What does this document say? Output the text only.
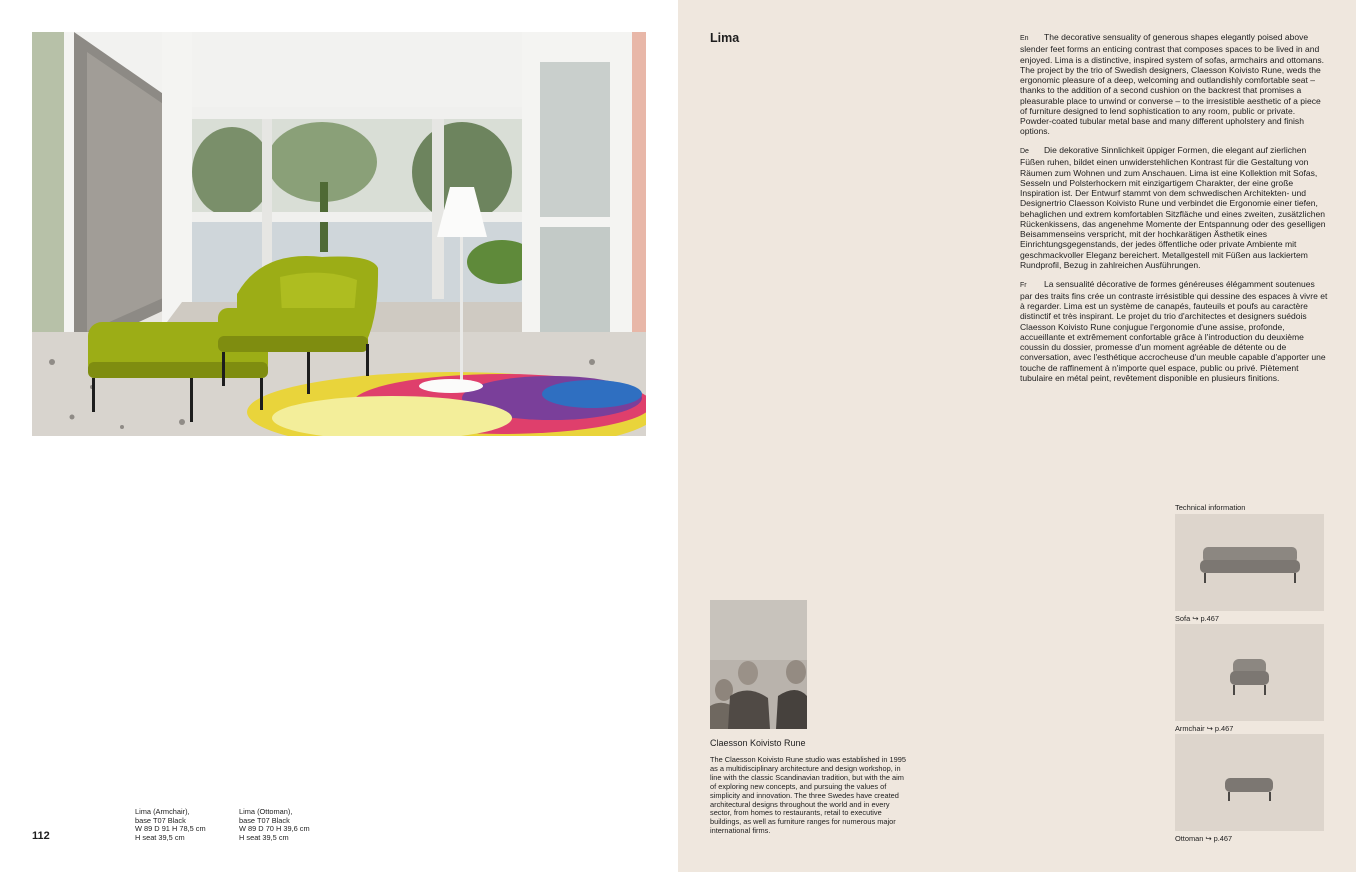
Lima (Armchair),
base T07 Black
W 89 D 91 H 78,5 cm
H seat 39,5 cm
Lima (Ottoman),
base T07 Black
W 89 D 70 H 39,6 cm
H seat 39,5 cm
112
Lima	En The decorative sensuality of generous shapes elegantly poised above slender feet forms an enticing contrast that composes spaces to be lived in and enjoyed. Lima is a distinctive, inspired system of sofas, armchairs and ottomans. The project by the trio of Swedish designers, Claesson Koivisto Rune, weds the ergonomic pleasure of a deep, welcoming and outlandishly comfortable seat – thanks to the addition of a second cushion on the backrest that promises a pleasurable place to unwind or converse – to the irresistible aesthetic of a piece of furniture designed to lend sophistication to any room, public or private. Powder-coated tubular metal base and many different upholstery and finish options.

De Die dekorative Sinnlichkeit üppiger Formen, die elegant auf zierlichen Füßen ruhen, bildet einen unwiderstehlichen Kontrast für die Gestaltung von Räumen zum Wohnen und zum Anschauen. Lima ist eine Kollektion mit Sofas, Sesseln und Polsterhockern mit einzigartigem Charakter, der eine große Inspiration ist. Der Entwurf stammt von dem schwedischen Architekten- und Designertrio Claesson Koivisto Rune und verbindet die Ergonomie einer tiefen, behaglichen und extrem komfortablen Sitzfläche und eines zweiten, zusätzlichen Rückenkissens, das angenehme Momente der Entspannung oder des geselligen Beisammenseins verspricht, mit der hochkarätigen Ästhetik eines Einrichtungsgegenstands, der jedes öffentliche oder private Ambiente mit geschmackvoller Eleganz bereichert. Metallgestell mit Füßen aus lackiertem Rundprofil, Bezug in zahlreichen Ausführungen.

Fr La sensualité décorative de formes généreuses élégamment soutenues par des traits fins crée un contraste irrésistible qui dessine des espaces à vivre et à regarder. Lima est un système de canapés, fauteuils et poufs au caractère distinctif et très inspirant. Le projet du trio d'architectes et designers suédois Claesson Koivisto Rune conjugue l'ergonomie d'une assise, profonde, accueillante et extrêmement confortable grâce à l'introduction du deuxième coussin du dossier, promesse d'un moment agréable de détente ou de conversation, avec l'esthétique accrocheuse d'un meuble capable d'apporter une touche de raffinement à n'importe quel espace, public ou privé. Piètement tubulaire en métal peint, revêtement disponible en plusieurs finitions.

Claesson Koivisto Rune
The Claesson Koivisto Rune studio was established in 1995 as a multidisciplinary architecture and design workshop, in line with the classic Scandinavian tradition, but with the aim of exploring new concepts, and pursuing the values of simplicity and innovation. The three Swedes have created architectural designs throughout the world and in every sector, from homes to restaurants, retail to executive buildings, as well as furniture ranges for numerous major international firms.
Technical information
Sofa ↪ p.467
Armchair ↪ p.467
Ottoman ↪ p.467
